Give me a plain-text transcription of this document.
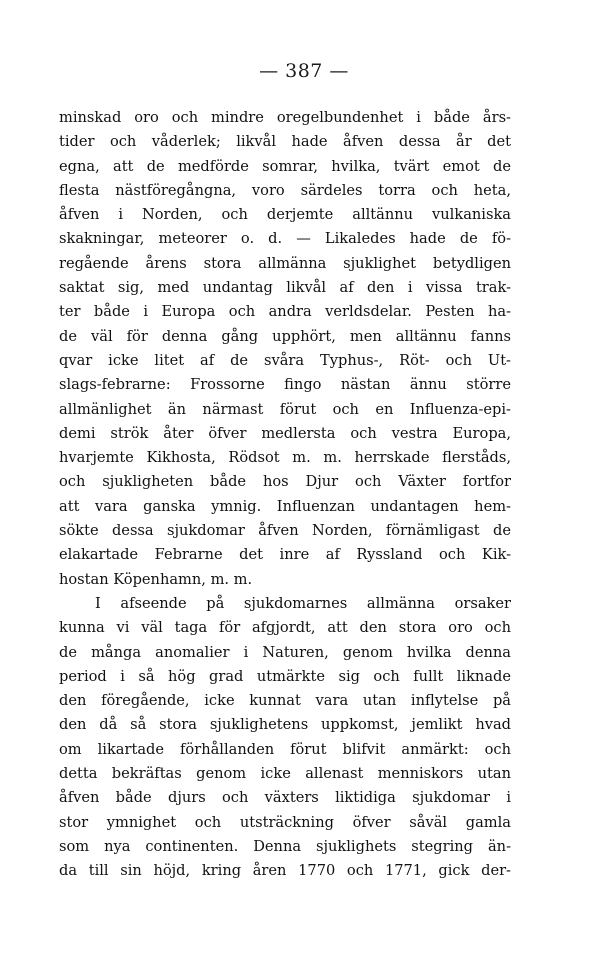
— 387 —
minskad oro och mindre oregelbundenhet i både års-
tider och våderlek; likvål hade åfven dessa år det
egna, att de medförde somrar, hvilka, tvärt emot de
flesta nästföregångna, voro särdeles torra och heta,
åfven i Norden, och derjemte alltännu vulkaniska
skakningar, meteorer o. d. — Likaledes hade de fö-
regående årens stora allmänna sjuklighet betydligen
saktat sig, med undantag likvål af den i vissa trak-
ter både i Europa och andra verldsdelar. Pesten ha-
de väl för denna gång upphört, men alltännu fanns
qvar icke litet af de svåra Typhus-, Röt- och Ut-
slags-febrarne: Frossorne fingo nästan ännu större
allmänlighet än närmast förut och en Influenza-epi-
demi strök åter öfver medlersta och vestra Europa,
hvarjemte Kikhosta, Rödsot m. m. herrskade flerståds,
och sjukligheten både hos Djur och Växter fortfor
att vara ganska ymnig. Influenzan undantagen hem-
sökte dessa sjukdomar åfven Norden, förnämligast de
elakartade Febrarne det inre af Ryssland och Kik-
hostan Köpenhamn, m. m.
I afseende på sjukdomarnes allmänna orsaker
kunna vi väl taga för afgjordt, att den stora oro och
de många anomalier i Naturen, genom hvilka denna
period i så hög grad utmärkte sig och fullt liknade
den föregående, icke kunnat vara utan inflytelse på
den då så stora sjuklighetens uppkomst, jemlikt hvad
om likartade förhållanden förut blifvit anmärkt: och
detta bekräftas genom icke allenast menniskors utan
åfven både djurs och växters liktidiga sjukdomar i
stor ymnighet och utsträckning öfver såväl gamla
som nya continenten. Denna sjuklighets stegring än-
da till sin höjd, kring åren 1770 och 1771, gick der-
